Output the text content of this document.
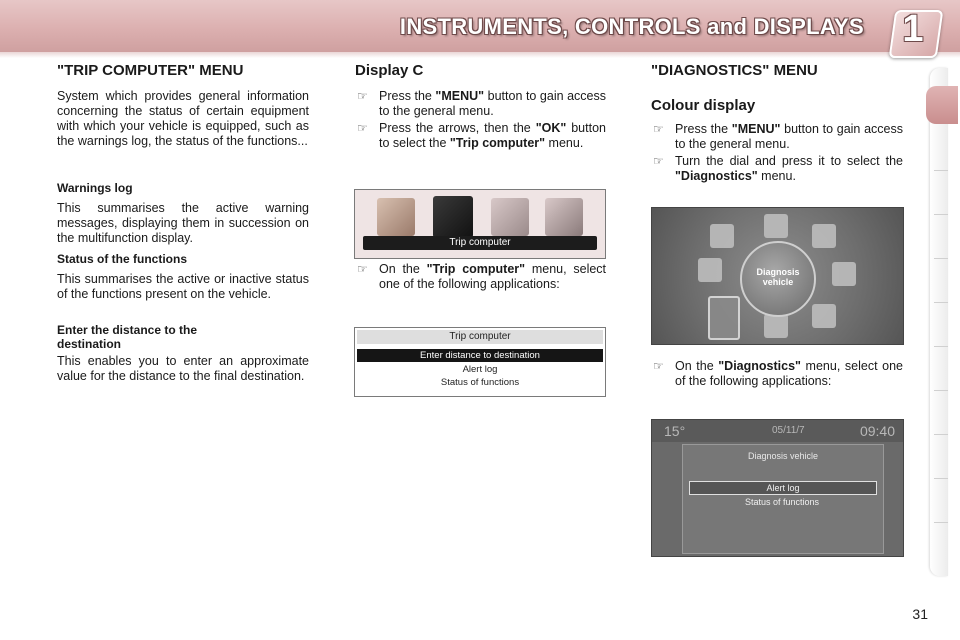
INSTRUMENTS, CONTROLS and DISPLAYS 1
"TRIP COMPUTER" MENU

System which provides general information concerning the status of certain equipment with which your vehicle is equipped, such as the warnings log, the status of the functions...

Warnings log

This summarises the active warning messages, displaying them in succession on the multifunction display.

Status of the functions

This summarises the active or inactive status of the functions present on the vehicle.

Enter the distance to the destination

This enables you to enter an approximate value for the distance to the final destination.

Display C
☞ Press the "MENU" button to gain access to the general menu.
☞ Press the arrows, then the "OK" button to select the "Trip computer" menu.
Trip computer
☞ On the "Trip computer" menu, select one of the following applications:
Trip computer
Enter distance to destination
Alert log
Status of functions
"DIAGNOSTICS" MENU
Colour display
☞ Press the "MENU" button to gain access to the general menu.
☞ Turn the dial and press it to select the "Diagnostics" menu.
Diagnosis
vehicle
☞ On the "Diagnostics" menu, select one of the following applications:
15°	05/11/7	09:40
Diagnosis vehicle
Alert log
Status of functions
31
